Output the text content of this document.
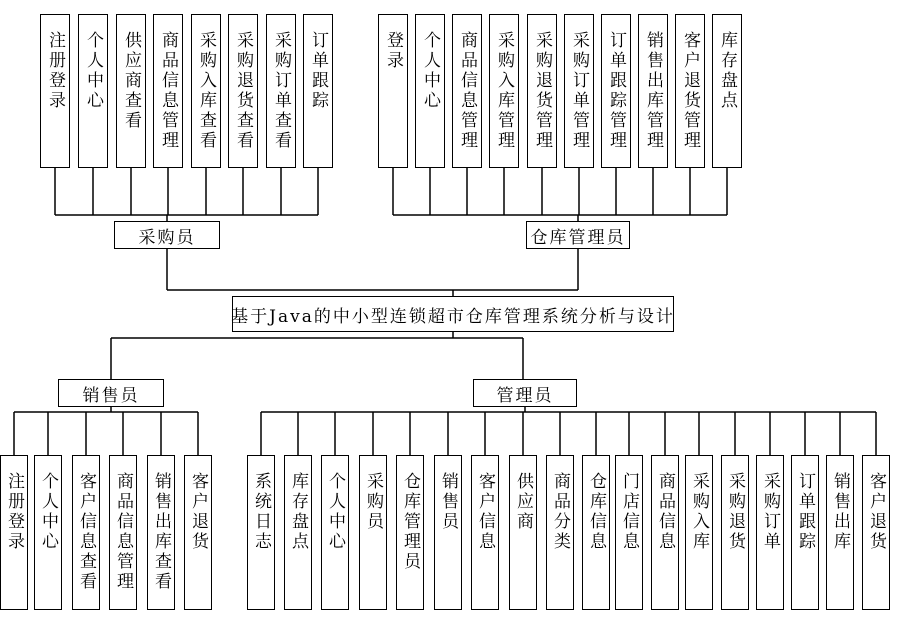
基于Java的中小型连锁超市仓库管理系统分析与设计
采购员	仓库管理员
销售员	管理员
注册登录 个人中心 供应商查看 商品信息管理 采购入库查看 采购退货查看 采购订单查看 订单跟踪	登录 个人中心 商品信息管理 采购入库管理 采购退货管理 采购订单管理 订单跟踪管理 销售出库管理 客户退货管理 库存盘点
注册登录 个人中心 客户信息查看 商品信息管理 销售出库查看 客户退货	系统日志 库存盘点 个人中心 采购员 仓库管理员 销售员 客户信息 供应商 商品分类 仓库信息 门店信息 商品信息 采购入库 采购退货 采购订单 订单跟踪 销售出库 客户退货
